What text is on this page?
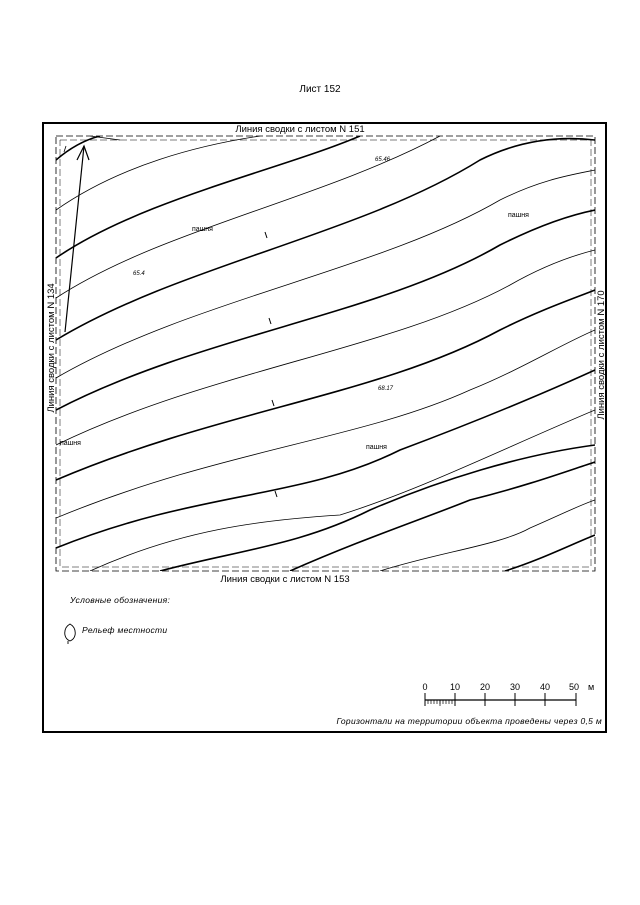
Лист 152
Линия сводки с листом N 151
Линия сводки с листом N 153
Линия сводки с листом N 134	Линия сводки с листом N 170
пашня
пашня
пашня
пашня
65.46
65.4
68.17
Условные обозначения:
Рельеф местности
0 10 20 30 40 50 м
Горизонтали на территории объекта проведены через 0,5 м
